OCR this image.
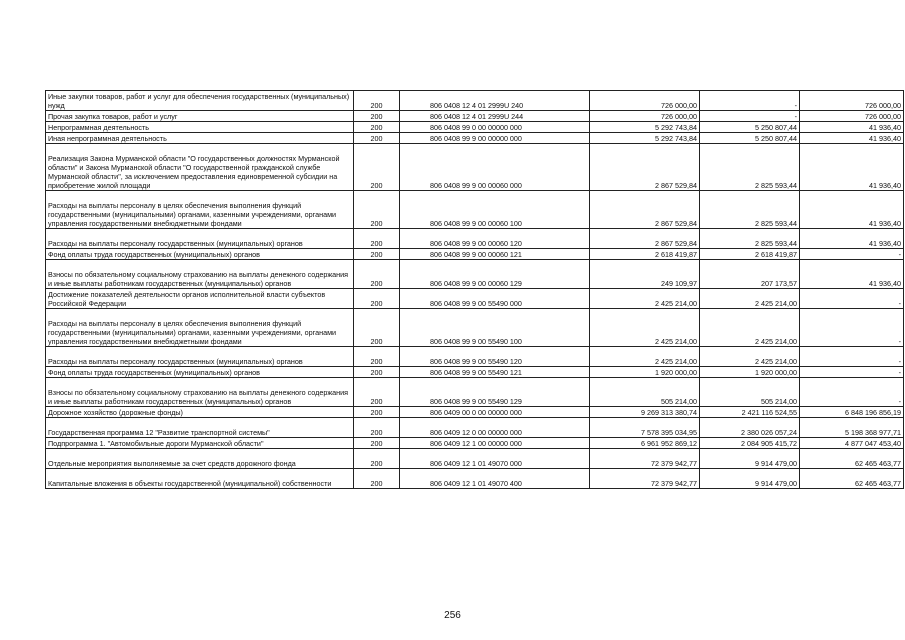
Иные закупки товаров, работ и услуг для обеспечения государственных (муниципальных) нужд	200	806 0408 12 4 01 2999U 240	726 000,00	-	726 000,00
Прочая закупка товаров, работ и услуг	200	806 0408 12 4 01 2999U 244	726 000,00	-	726 000,00
Непрограммная деятельность	200	806 0408 99 0 00 00000 000	5 292 743,84	5 250 807,44	41 936,40
Иная непрограммная деятельность	200	806 0408 99 9 00 00000 000	5 292 743,84	5 250 807,44	41 936,40
Реализация Закона Мурманской области "О государственных должностях Мурманской области" и Закона Мурманской области "О государственной гражданской службе Мурманской области", за исключением предоставления единовременной субсидии на приобретение жилой площади	200	806 0408 99 9 00 00060 000	2 867 529,84	2 825 593,44	41 936,40
Расходы на выплаты персоналу в целях обеспечения выполнения функций государственными (муниципальными) органами, казенными учреждениями, органами управления государственными внебюджетными фондами	200	806 0408 99 9 00 00060 100	2 867 529,84	2 825 593,44	41 936,40
Расходы на выплаты персоналу государственных (муниципальных) органов	200	806 0408 99 9 00 00060 120	2 867 529,84	2 825 593,44	41 936,40
Фонд оплаты труда государственных (муниципальных) органов	200	806 0408 99 9 00 00060 121	2 618 419,87	2 618 419,87	-
Взносы по обязательному социальному страхованию на выплаты денежного содержания и иные выплаты работникам государственных (муниципальных) органов	200	806 0408 99 9 00 00060 129	249 109,97	207 173,57	41 936,40
Достижение показателей деятельности органов исполнительной власти субъектов Российской Федерации	200	806 0408 99 9 00 55490 000	2 425 214,00	2 425 214,00	-
Расходы на выплаты персоналу в целях обеспечения выполнения функций государственными (муниципальными) органами, казенными учреждениями, органами управления государственными внебюджетными фондами	200	806 0408 99 9 00 55490 100	2 425 214,00	2 425 214,00	-
Расходы на выплаты персоналу государственных (муниципальных) органов	200	806 0408 99 9 00 55490 120	2 425 214,00	2 425 214,00	-
Фонд оплаты труда государственных (муниципальных) органов	200	806 0408 99 9 00 55490 121	1 920 000,00	1 920 000,00	-
Взносы по обязательному социальному страхованию на выплаты денежного содержания и иные выплаты работникам государственных (муниципальных) органов	200	806 0408 99 9 00 55490 129	505 214,00	505 214,00	-
Дорожное хозяйство (дорожные фонды)	200	806 0409 00 0 00 00000 000	9 269 313 380,74	2 421 116 524,55	6 848 196 856,19
Государственная программа 12 "Развитие транспортной системы"	200	806 0409 12 0 00 00000 000	7 578 395 034,95	2 380 026 057,24	5 198 368 977,71
Подпрограмма 1. "Автомобильные дороги Мурманской области"	200	806 0409 12 1 00 00000 000	6 961 952 869,12	2 084 905 415,72	4 877 047 453,40
Отдельные мероприятия выполняемые за счет средств дорожного фонда	200	806 0409 12 1 01 49070 000	72 379 942,77	9 914 479,00	62 465 463,77
Капитальные вложения в объекты государственной (муниципальной) собственности	200	806 0409 12 1 01 49070 400	72 379 942,77	9 914 479,00	62 465 463,77
256
